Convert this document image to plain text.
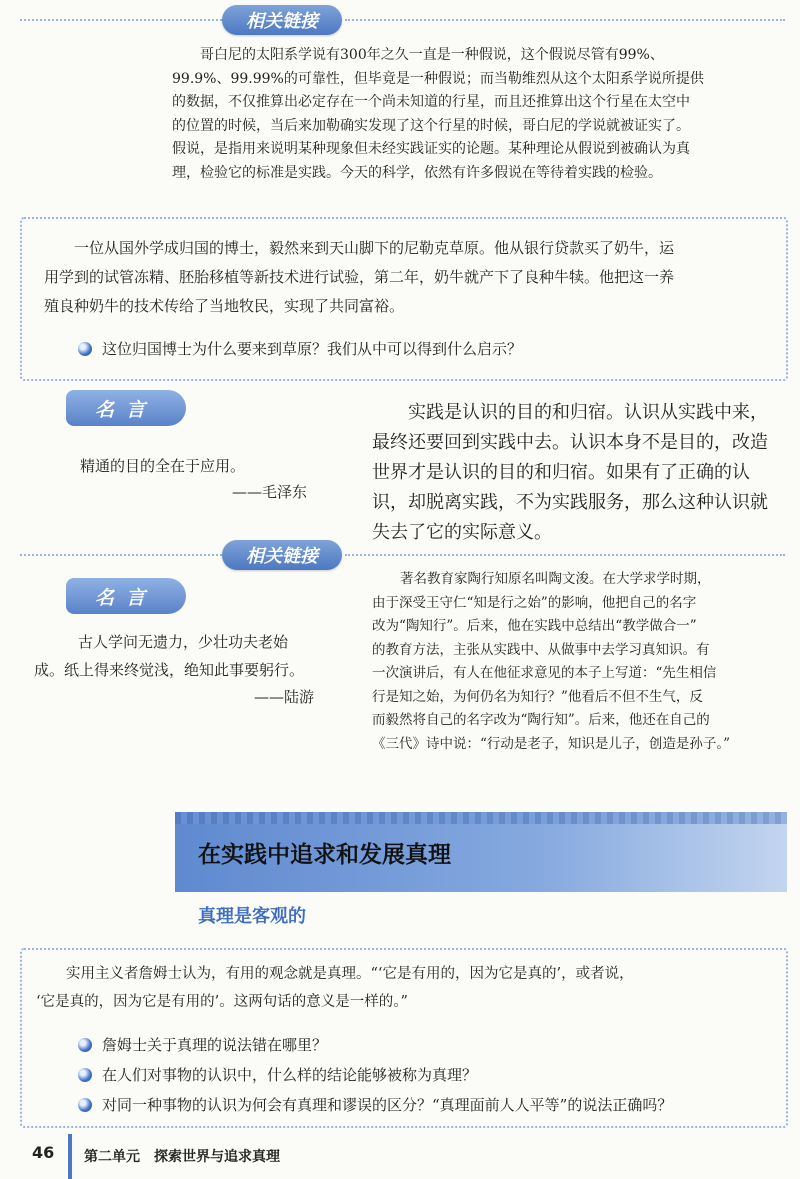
相关链接
哥白尼的太阳系学说有300年之久一直是一种假说，这个假说尽管有99%、
99.9%、99.99%的可靠性，但毕竟是一种假说；而当勒维烈从这个太阳系学说所提供
的数据，不仅推算出必定存在一个尚未知道的行星，而且还推算出这个行星在太空中
的位置的时候，当后来加勒确实发现了这个行星的时候，哥白尼的学说就被证实了。
假说，是指用来说明某种现象但未经实践证实的论题。某种理论从假说到被确认为真
理，检验它的标准是实践。今天的科学，依然有许多假说在等待着实践的检验。
一位从国外学成归国的博士，毅然来到天山脚下的尼勒克草原。他从银行贷款买了奶牛，运
用学到的试管冻精、胚胎移植等新技术进行试验，第二年，奶牛就产下了良种牛犊。他把这一养
殖良种奶牛的技术传给了当地牧民，实现了共同富裕。
这位归国博士为什么要来到草原？我们从中可以得到什么启示？
名言
精通的目的全在于应用。
——毛泽东
实践是认识的目的和归宿。认识从实践中来，
最终还要回到实践中去。认识本身不是目的，改造
世界才是认识的目的和归宿。如果有了正确的认
识，却脱离实践，不为实践服务，那么这种认识就
失去了它的实际意义。
相关链接
著名教育家陶行知原名叫陶文浚。在大学求学时期，
由于深受王守仁“知是行之始”的影响，他把自己的名字
改为“陶知行”。后来，他在实践中总结出“教学做合一”
的教育方法，主张从实践中、从做事中去学习真知识。有
一次演讲后，有人在他征求意见的本子上写道：“先生相信
行是知之始，为何仍名为知行？”他看后不但不生气，反
而毅然将自己的名字改为“陶行知”。后来，他还在自己的
《三代》诗中说：“行动是老子，知识是儿子，创造是孙子。”
名言
古人学问无遗力，少壮功夫老始
成。纸上得来终觉浅，绝知此事要躬行。
——陆游
在实践中追求和发展真理
真理是客观的
实用主义者詹姆士认为，有用的观念就是真理。“‘它是有用的，因为它是真的’，或者说，
‘它是真的，因为它是有用的’。这两句话的意义是一样的。”
詹姆士关于真理的说法错在哪里？
在人们对事物的认识中，什么样的结论能够被称为真理？
对同一种事物的认识为何会有真理和谬误的区分？“真理面前人人平等”的说法正确吗？
46 第二单元　探索世界与追求真理
